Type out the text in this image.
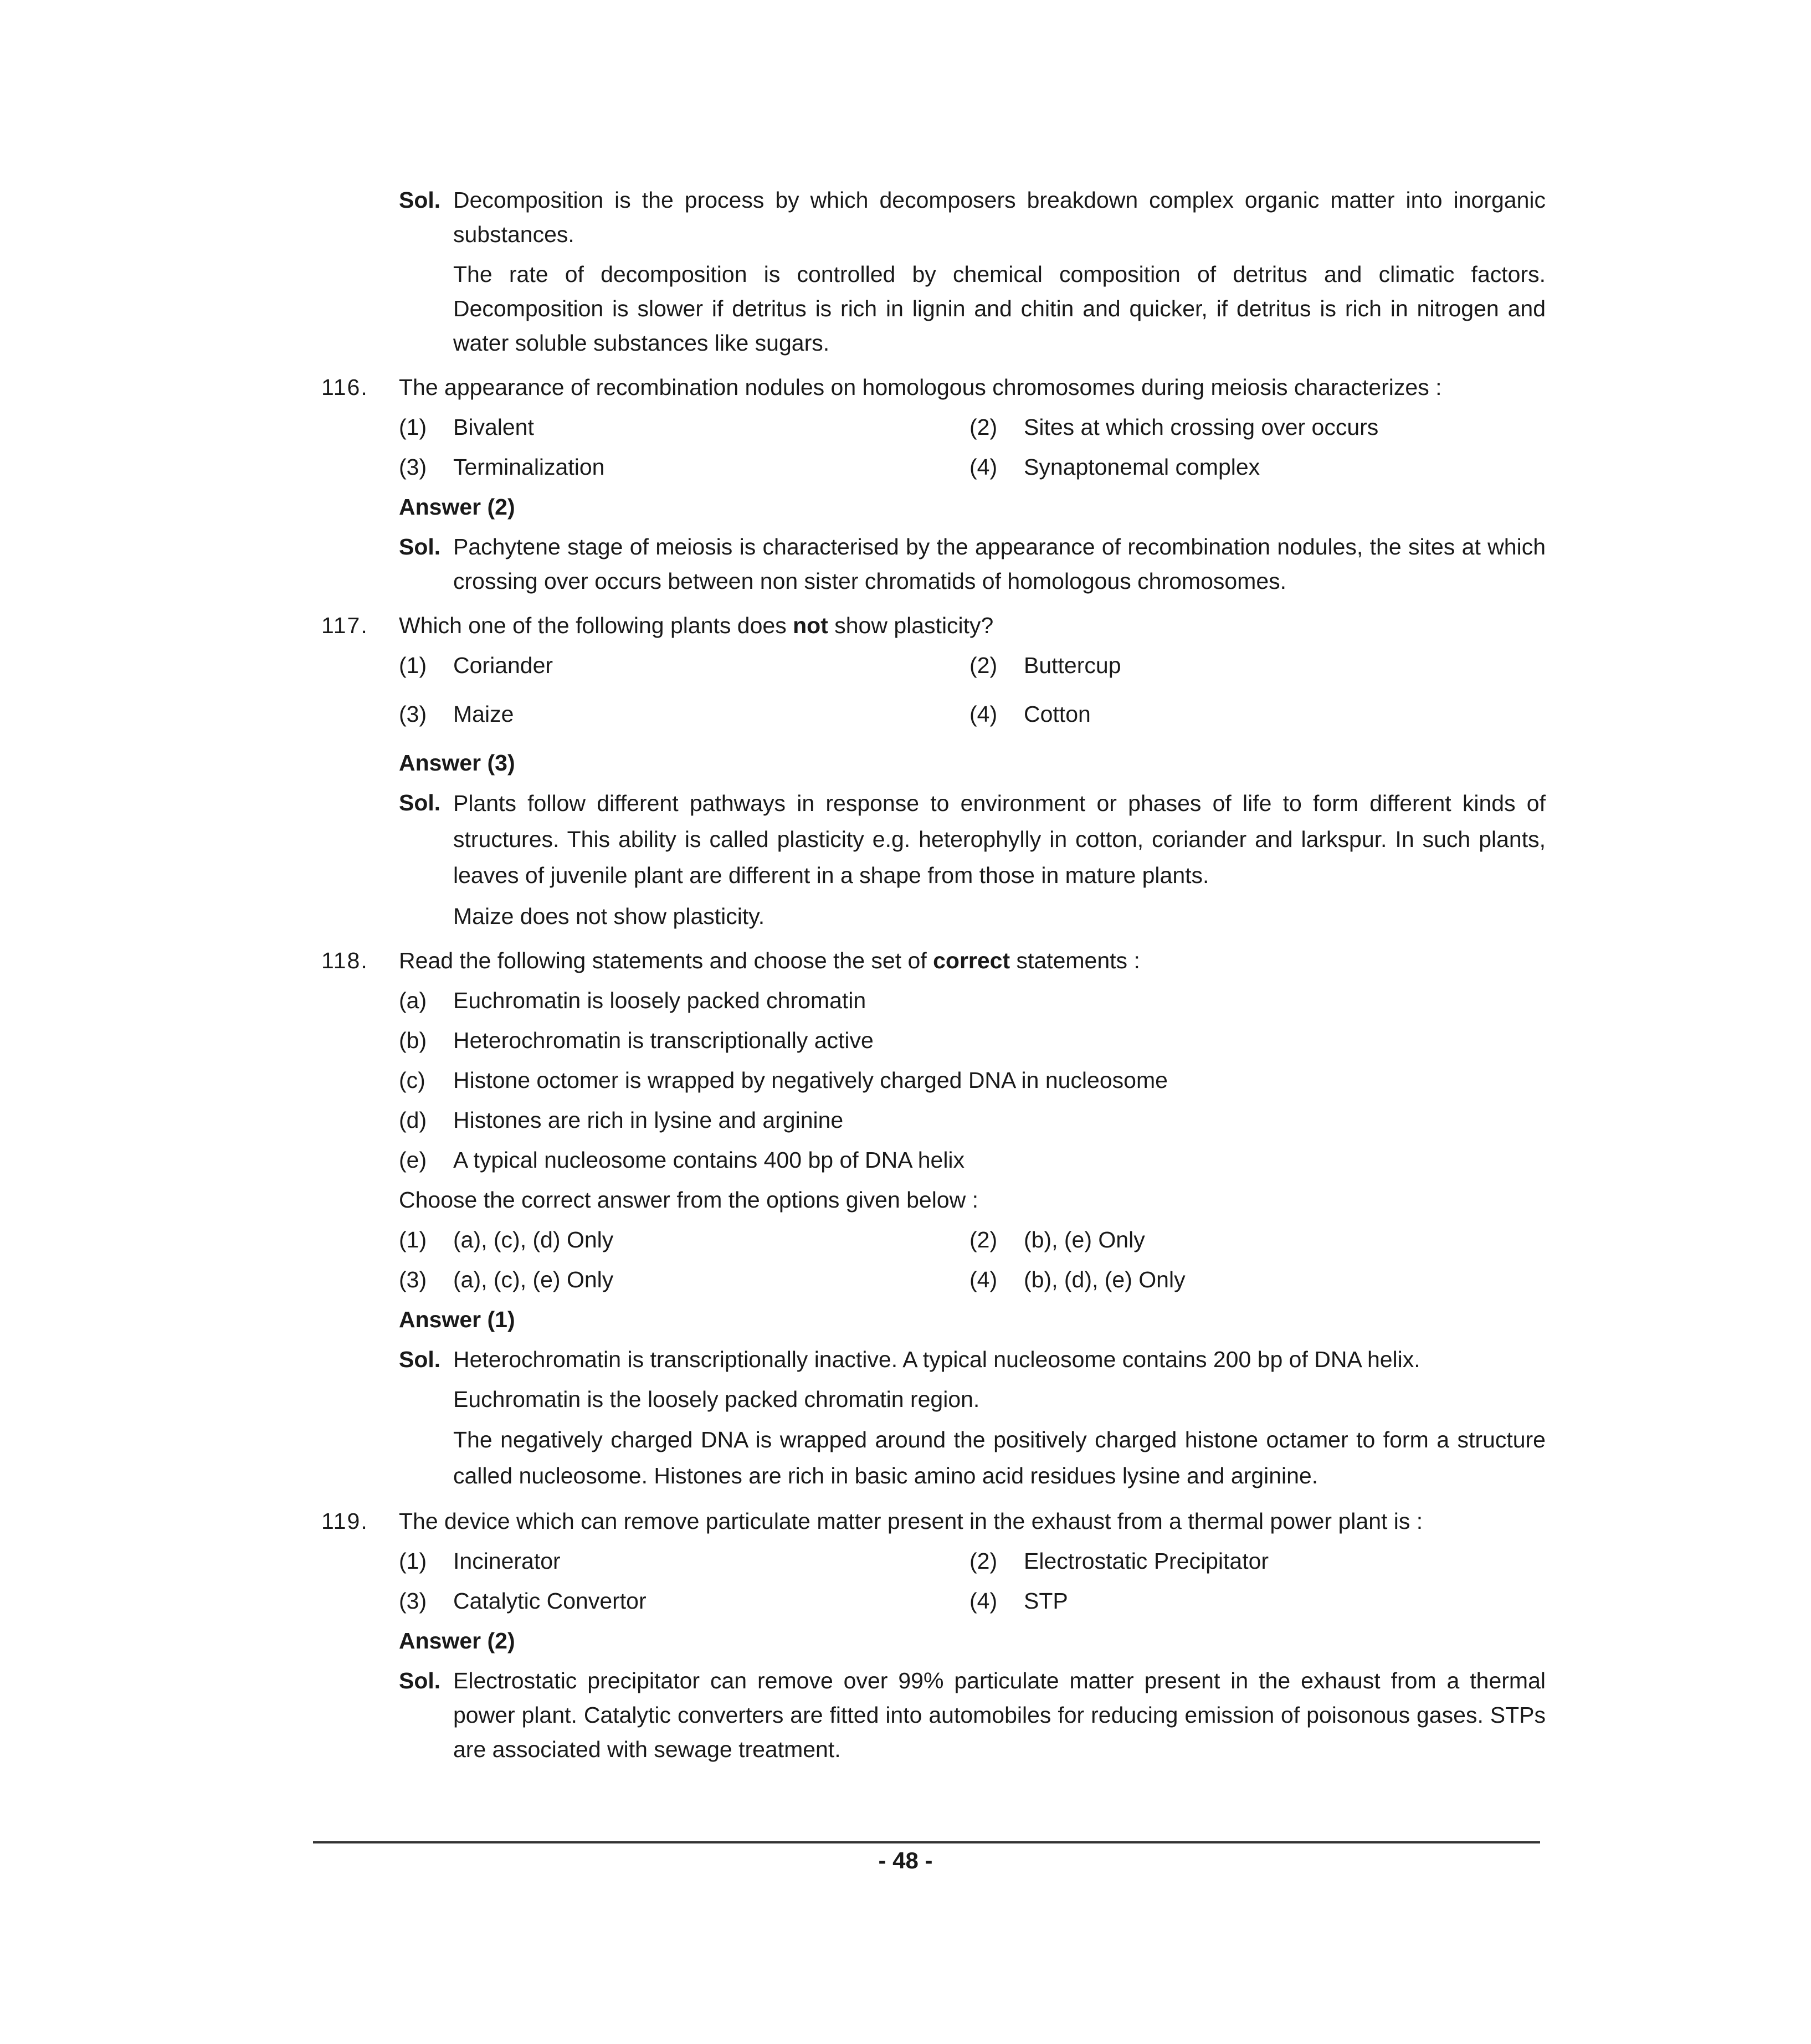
Sol. Decomposition is the process by which decomposers breakdown complex organic matter into inorganic substances.
The rate of decomposition is controlled by chemical composition of detritus and climatic factors. Decomposition is slower if detritus is rich in lignin and chitin and quicker, if detritus is rich in nitrogen and water soluble substances like sugars.
116. The appearance of recombination nodules on homologous chromosomes during meiosis characterizes :
(1)	Bivalent	(2)	Sites at which crossing over occurs
(3)	Terminalization	(4)	Synaptonemal complex
Answer (2)
Sol. Pachytene stage of meiosis is characterised by the appearance of recombination nodules, the sites at which crossing over occurs between non sister chromatids of homologous chromosomes.
117. Which one of the following plants does not show plasticity?
(1)	Coriander	(2)	Buttercup
(3)	Maize	(4)	Cotton
Answer (3)
Sol. Plants follow different pathways in response to environment or phases of life to form different kinds of structures. This ability is called plasticity e.g. heterophylly in cotton, coriander and larkspur. In such plants, leaves of juvenile plant are different in a shape from those in mature plants.
Maize does not show plasticity.
118. Read the following statements and choose the set of correct statements :
(a)	Euchromatin is loosely packed chromatin
(b)	Heterochromatin is transcriptionally active
(c)	Histone octomer is wrapped by negatively charged DNA in nucleosome
(d)	Histones are rich in lysine and arginine
(e)	A typical nucleosome contains 400 bp of DNA helix
Choose the correct answer from the options given below :
(1)	(a), (c), (d) Only	(2)	(b), (e) Only
(3)	(a), (c), (e) Only	(4)	(b), (d), (e) Only
Answer (1)
Sol. Heterochromatin is transcriptionally inactive. A typical nucleosome contains 200 bp of DNA helix.
Euchromatin is the loosely packed chromatin region.
The negatively charged DNA is wrapped around the positively charged histone octamer to form a structure called nucleosome. Histones are rich in basic amino acid residues lysine and arginine.
119. The device which can remove particulate matter present in the exhaust from a thermal power plant is :
(1)	Incinerator	(2)	Electrostatic Precipitator
(3)	Catalytic Convertor	(4)	STP
Answer (2)
Sol. Electrostatic precipitator can remove over 99% particulate matter present in the exhaust from a thermal power plant. Catalytic converters are fitted into automobiles for reducing emission of poisonous gases. STPs are associated with sewage treatment.
- 48 -
